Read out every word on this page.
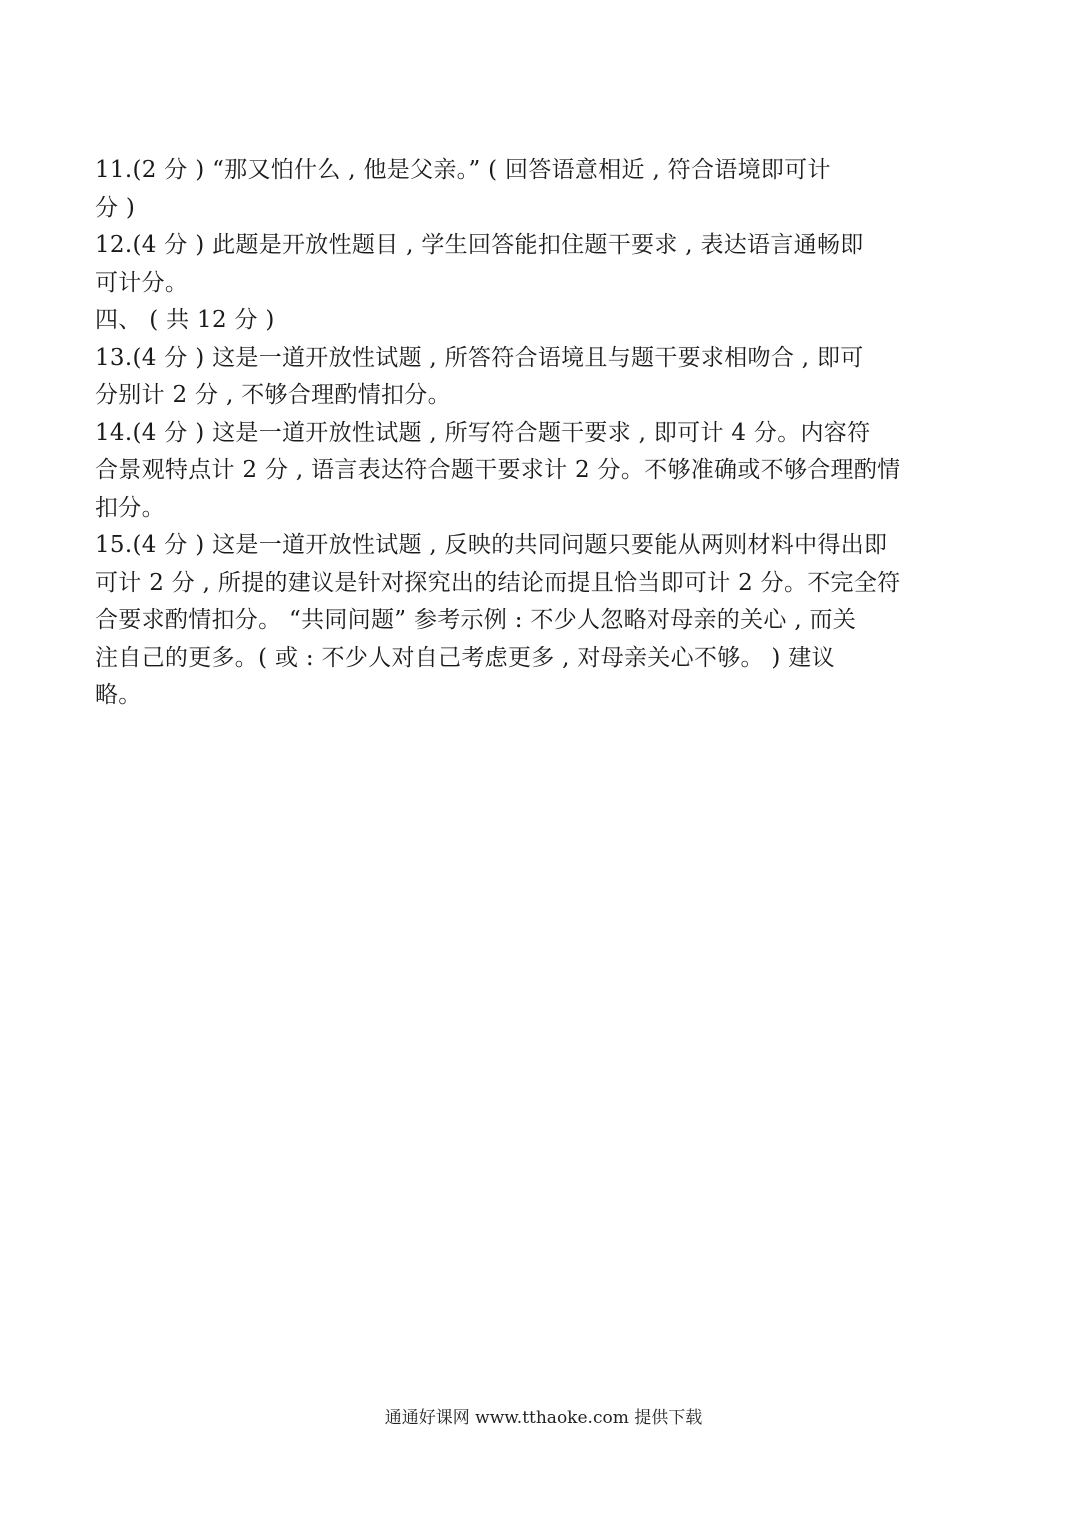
11.(2 分 ) “那又怕什么 , 他是父亲。” ( 回答语意相近 , 符合语境即可计
分 )
12.(4 分 ) 此题是开放性题目 , 学生回答能扣住题干要求 , 表达语言通畅即
可计分。
四、 ( 共 12 分 )
13.(4 分 ) 这是一道开放性试题 , 所答符合语境且与题干要求相吻合 , 即可
分别计 2 分 , 不够合理酌情扣分。
14.(4 分 ) 这是一道开放性试题 , 所写符合题干要求 , 即可计 4 分。内容符
合景观特点计 2 分 , 语言表达符合题干要求计 2 分。不够准确或不够合理酌情
扣分。
15.(4 分 ) 这是一道开放性试题 , 反映的共同问题只要能从两则材料中得出即
可计 2 分 , 所提的建议是针对探究出的结论而提且恰当即可计 2 分。不完全符
合要求酌情扣分。 “共同问题” 参考示例 : 不少人忽略对母亲的关心 , 而关
注自己的更多。( 或 : 不少人对自己考虑更多 , 对母亲关心不够。 ) 建议
略。
通通好课网 www.tthaoke.com 提供下载
